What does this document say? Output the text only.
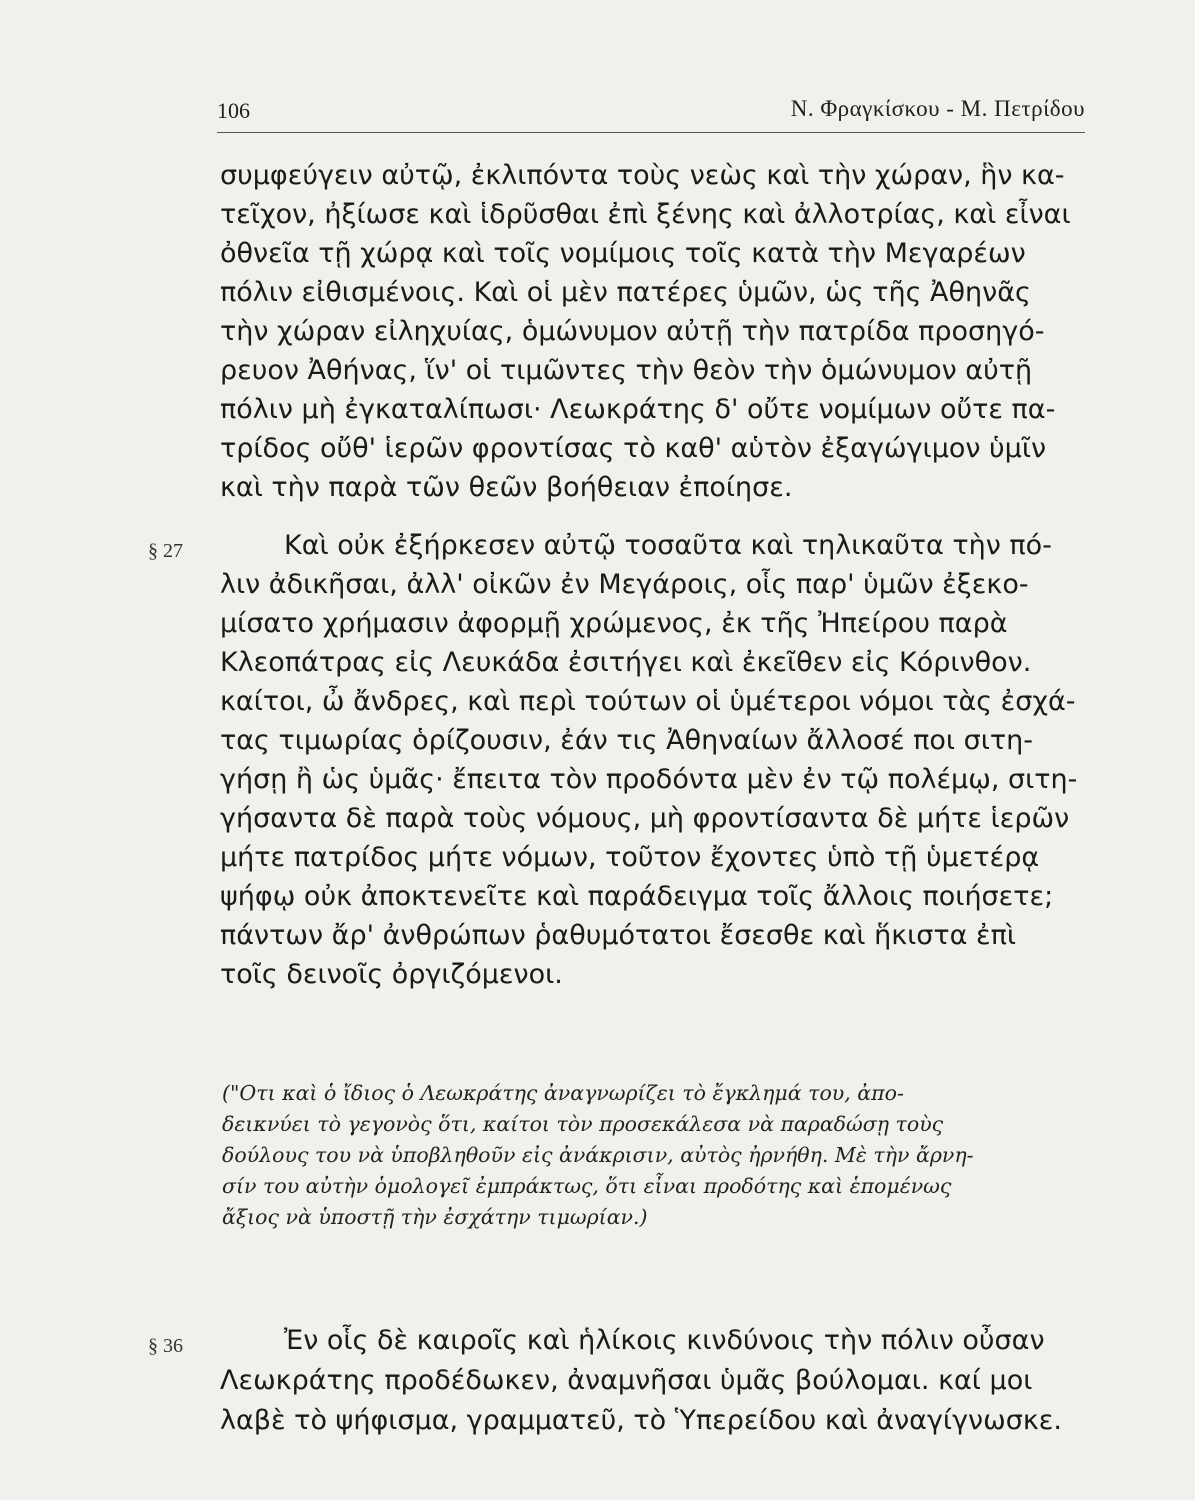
106	Ν. Φραγκίσκου - Μ. Πετρίδου
συμφεύγειν αὐτῷ, ἐκλιπόντα τοὺς νεὼς καὶ τὴν χώραν, ἣν κα-
τεῖχον, ἠξίωσε καὶ ἱδρῦσθαι ἐπὶ ξένης καὶ ἀλλοτρίας, καὶ εἶναι
ὀθνεῖα τῇ χώρᾳ καὶ τοῖς νομίμοις τοῖς κατὰ τὴν Μεγαρέων
πόλιν εἰθισμένοις. Καὶ οἱ μὲν πατέρες ὑμῶν, ὡς τῆς Ἀθηνᾶς
τὴν χώραν εἰληχυίας, ὁμώνυμον αὐτῇ τὴν πατρίδα προσηγό-
ρευον Ἀθήνας, ἵν' οἱ τιμῶντες τὴν θεὸν τὴν ὁμώνυμον αὐτῇ
πόλιν μὴ ἐγκαταλίπωσι· Λεωκράτης δ' οὔτε νομίμων οὔτε πα-
τρίδος οὔθ' ἱερῶν φροντίσας τὸ καθ' αὑτὸν ἐξαγώγιμον ὑμῖν
καὶ τὴν παρὰ τῶν θεῶν βοήθειαν ἐποίησε.
§ 27	Καὶ οὐκ ἐξήρκεσεν αὐτῷ τοσαῦτα καὶ τηλικαῦτα τὴν πό-
λιν ἀδικῆσαι, ἀλλ' οἰκῶν ἐν Μεγάροις, οἷς παρ' ὑμῶν ἐξεκο-
μίσατο χρήμασιν ἀφορμῇ χρώμενος, ἐκ τῆς Ἠπείρου παρὰ
Κλεοπάτρας εἰς Λευκάδα ἐσιτήγει καὶ ἐκεῖθεν εἰς Κόρινθον.
καίτοι, ὦ ἄνδρες, καὶ περὶ τούτων οἱ ὑμέτεροι νόμοι τὰς ἐσχά-
τας τιμωρίας ὁρίζουσιν, ἐάν τις Ἀθηναίων ἄλλοσέ ποι σιτη-
γήσῃ ἢ ὡς ὑμᾶς· ἔπειτα τὸν προδόντα μὲν ἐν τῷ πολέμῳ, σιτη-
γήσαντα δὲ παρὰ τοὺς νόμους, μὴ φροντίσαντα δὲ μήτε ἱερῶν
μήτε πατρίδος μήτε νόμων, τοῦτον ἔχοντες ὑπὸ τῇ ὑμετέρᾳ
ψήφῳ οὐκ ἀποκτενεῖτε καὶ παράδειγμα τοῖς ἄλλοις ποιήσετε;
πάντων ἄρ' ἀνθρώπων ῥαθυμότατοι ἔσεσθε καὶ ἥκιστα ἐπὶ
τοῖς δεινοῖς ὀργιζόμενοι.
("Οτι καὶ ὁ ἴδιος ὁ Λεωκράτης ἀναγνωρίζει τὸ ἔγκλημά του, ἀπο-
δεικνύει τὸ γεγονὸς ὅτι, καίτοι τὸν προσεκάλεσα νὰ παραδώσῃ τοὺς
δούλους του νὰ ὑποβληθοῦν εἰς ἀνάκρισιν, αὐτὸς ἠρνήθη. Μὲ τὴν ἄρνη-
σίν του αὐτὴν ὁμολογεῖ ἐμπράκτως, ὅτι εἶναι προδότης καὶ ἑπομένως
ἄξιος νὰ ὑποστῇ τὴν ἐσχάτην τιμωρίαν.)
§ 36	Ἐν οἷς δὲ καιροῖς καὶ ἡλίκοις κινδύνοις τὴν πόλιν οὖσαν
Λεωκράτης προδέδωκεν, ἀναμνῆσαι ὑμᾶς βούλομαι. καί μοι
λαβὲ τὸ ψήφισμα, γραμματεῦ, τὸ Ὑπερείδου καὶ ἀναγίγνωσκε.
